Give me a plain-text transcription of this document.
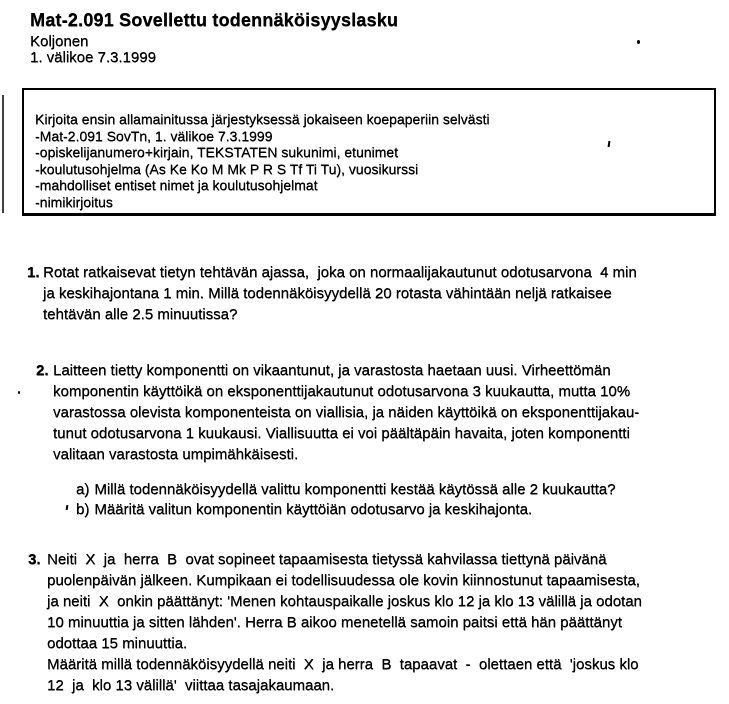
Mat-2.091 Sovellettu todennäköisyyslasku
Koljonen
1. välikoe 7.3.1999
Kirjoita ensin allamainitussa järjestyksessä jokaiseen koepaperiin selvästi
-Mat-2.091 SovTn, 1. välikoe 7.3.1999
-opiskelijanumero+kirjain, TEKSTATEN sukunimi, etunimet
-koulutusohjelma (As Ke Ko M Mk P R S Tf Ti Tu), vuosikurssi
-mahdolliset entiset nimet ja koulutusohjelmat
-nimikirjoitus
1. Rotat ratkaisevat tietyn tehtävän ajassa,  joka on normaalijakautunut odotusarvona  4 min
ja keskihajontana 1 min. Millä todennäköisyydellä 20 rotasta vähintään neljä ratkaisee
tehtävän alle 2.5 minuutissa?
2. Laitteen tietty komponentti on vikaantunut, ja varastosta haetaan uusi. Virheettömän
komponentin käyttöikä on eksponenttijakautunut odotusarvona 3 kuukautta, mutta 10%
varastossa olevista komponenteista on viallisia, ja näiden käyttöikä on eksponenttijakau-
tunut odotusarvona 1 kuukausi. Viallisuutta ei voi päältäpäin havaita, joten komponentti
valitaan varastosta umpimähkäisesti.
a) Millä todennäköisyydellä valittu komponentti kestää käytössä alle 2 kuukautta?
b) Määritä valitun komponentin käyttöiän odotusarvo ja keskihajonta.
3. Neiti  X  ja  herra  B  ovat sopineet tapaamisesta tietyssä kahvilassa tiettynä päivänä
puolenpäivän jälkeen. Kumpikaan ei todellisuudessa ole kovin kiinnostunut tapaamisesta,
ja neiti  X  onkin päättänyt: 'Menen kohtauspaikalle joskus klo 12 ja klo 13 välillä ja odotan
10 minuuttia ja sitten lähden'. Herra B aikoo menetellä samoin paitsi että hän päättänyt
odottaa 15 minuuttia.
Määritä millä todennäköisyydellä neiti  X  ja herra  B  tapaavat  -  olettaen että  'joskus klo
12  ja  klo 13 välillä'  viittaa tasajakaumaan.
